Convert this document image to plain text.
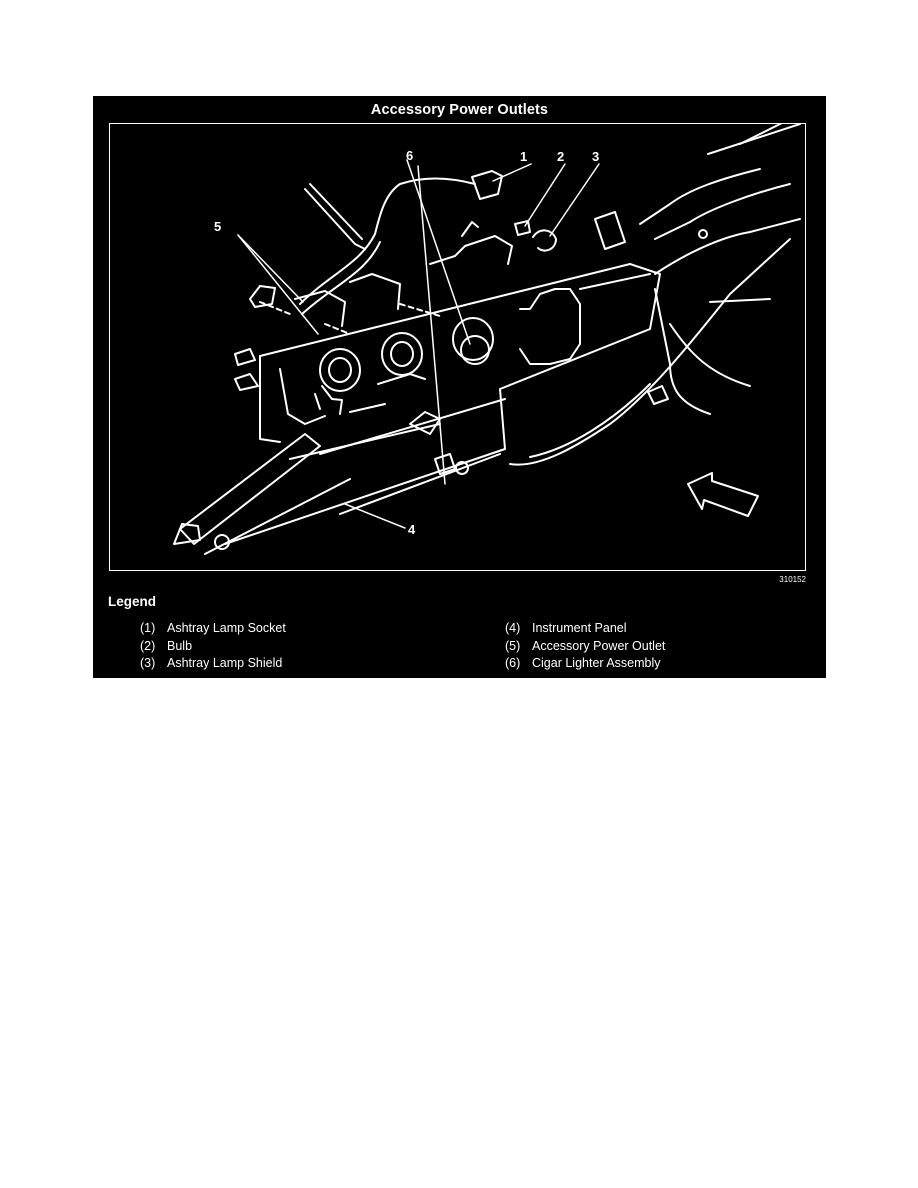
Accessory Power Outlets
1 2 3
4
5
6
310152
Legend
(1) Ashtray Lamp Socket
(2) Bulb
(3) Ashtray Lamp Shield
(4) Instrument Panel
(5) Accessory Power Outlet
(6) Cigar Lighter Assembly
